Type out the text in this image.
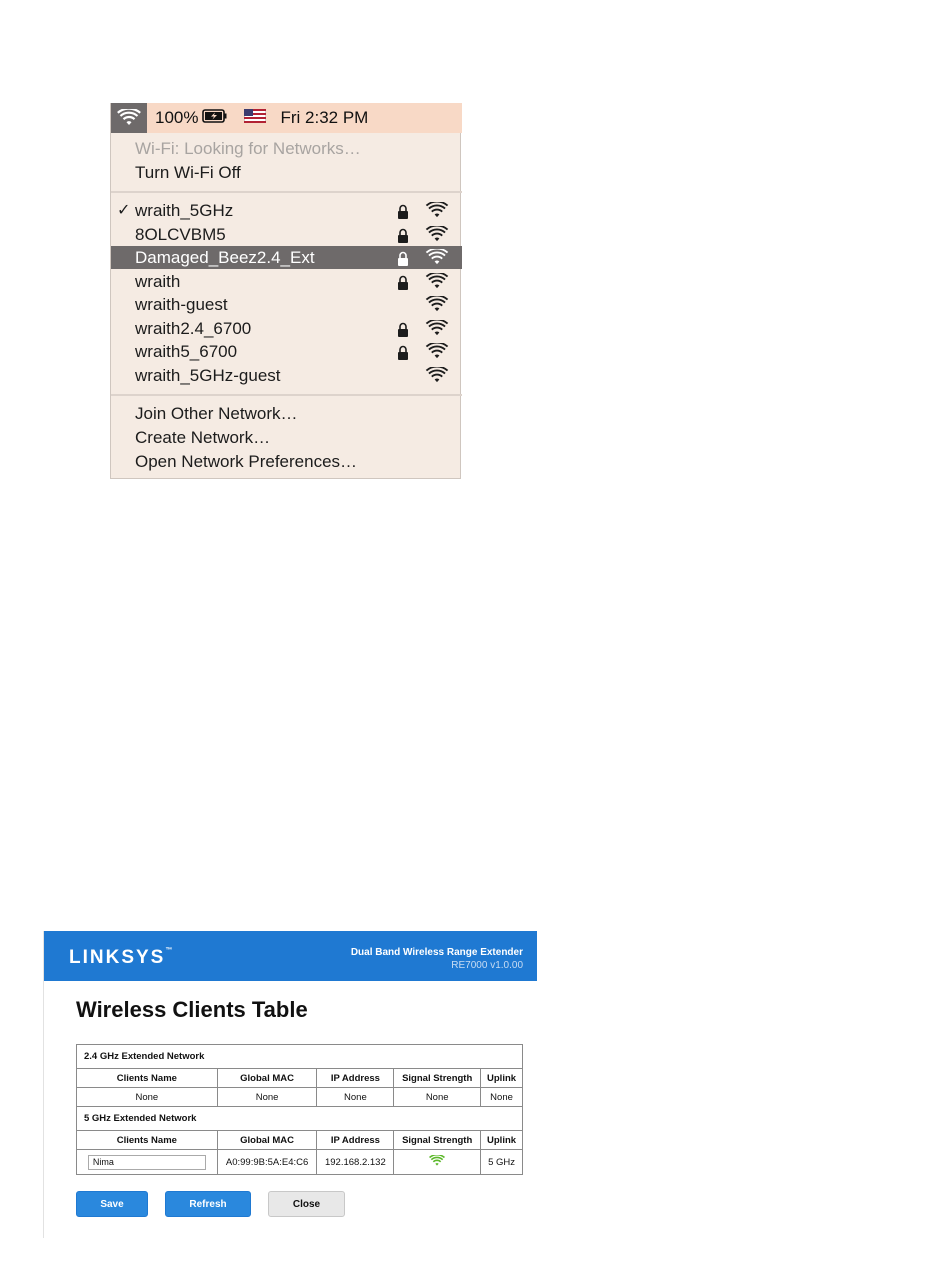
100%	Fri 2:32 PM
Wi-Fi: Looking for Networks…
Turn Wi-Fi Off
✓ wraith_5GHz
8OLCVBM5
Damaged_Beez2.4_Ext
wraith
wraith-guest
wraith2.4_6700
wraith5_6700
wraith_5GHz-guest
Join Other Network…
Create Network…
Open Network Preferences…
LINKSYS™	Dual Band Wireless Range Extender
RE7000 v1.0.00
Wireless Clients Table
2.4 GHz Extended Network				
Clients Name	Global MAC	IP Address	Signal Strength	Uplink
None	None	None	None	None
5 GHz Extended Network				
Clients Name	Global MAC	IP Address	Signal Strength	Uplink
Nima	A0:99:9B:5A:E4:C6	192.168.2.132		5 GHz
Save	Refresh	Close
